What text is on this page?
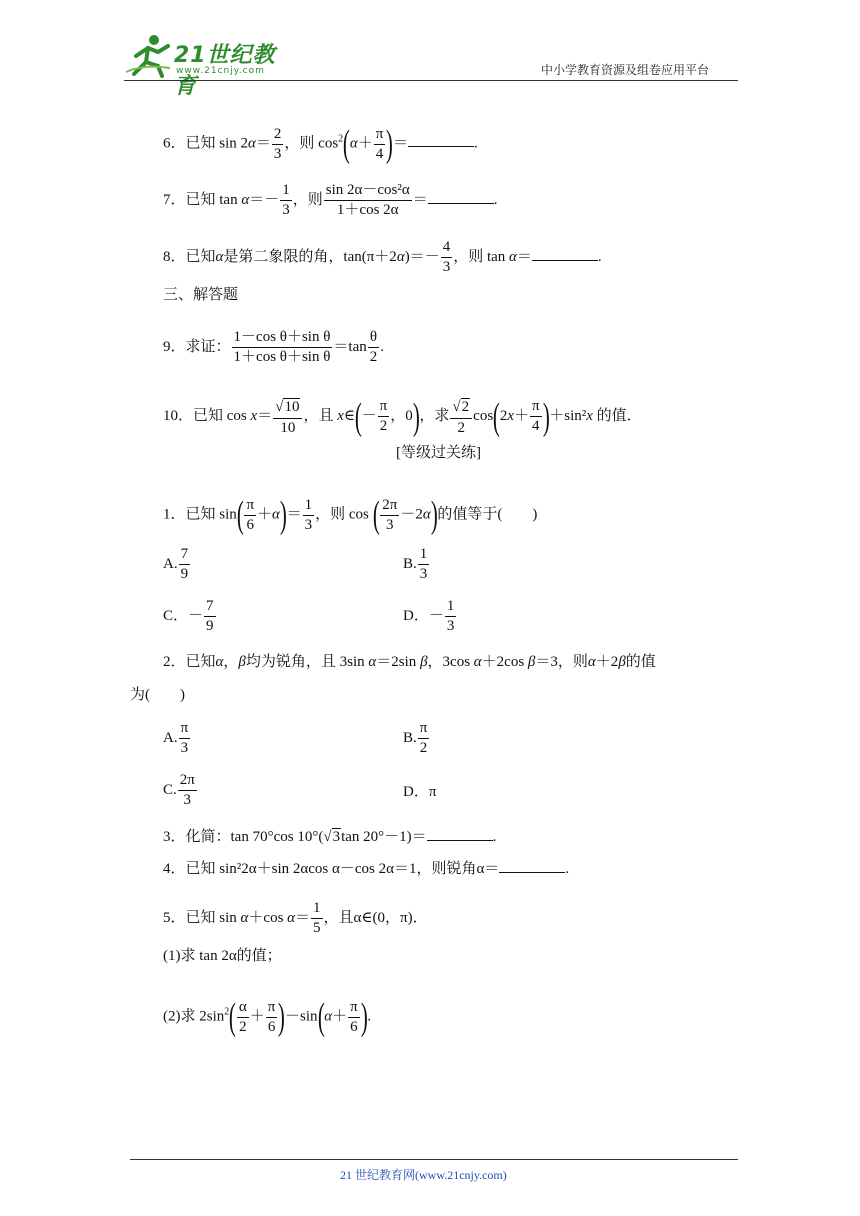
21世纪教育
www.21cnjy.com	中小学教育资源及组卷应用平台
6．已知 $\sin 2\alpha= \frac{2}{3}$ ，则 $\cos^2(\alpha+ \frac{\pi}{4}$ )＝	.
7．已知 $\tan \alpha=- \frac{1}{3}$ ，则 $\frac{\text{sin 2α－cos²α}}{1+\cos 2\alpha}$ ＝	.
8．已知α是第二象限的角，$\tan(\pi+2\alpha)=- \frac{4}{3}$ ，则 tan α＝	.
三、解答题
9．求证： $\frac{\text{1－cos θ＋sin θ}}{\text{1＋cos θ＋sin θ}} =\tan \frac{\theta}{2}$ .
10．已知 cos x＝ √ $\frac{10}{10}$ ，且 x∈(－ $\frac{\pi}{2}$ ，0)，求 √ $\frac{2}{2} \cos(2x+ \frac{\pi}{4} )+\sin^2x$ 的值．
[等级过关练]
1．已知 $\sin( \frac{\pi}{6} +\alpha)= \frac{1}{3}$ ，则 cos ( $\frac{2\pi}{3} -2\alpha$)的值等于(　　)
A. $\frac{7}{9}$	B. $\frac{1}{3}$
C．－ $\frac{7}{9}$	D．－ $\frac{1}{3}$
2．已知α，β均为锐角，且 3sin α＝2sin β，3cos α＋2cos β＝3，则α＋2β的值
为(　　)
A. $\frac{\pi}{3}$	B. $\frac{\pi}{2}$
C. $\frac{2\pi}{3}$	D．π
3．化简：tan 70°cos 10°( √ 3tan 20°－1)＝	.
4．已知 sin²2α＋sin 2αcos α－cos 2α＝1，则锐角α＝	.
5．已知 sin α＋cos $\alpha= \frac{1}{5}$ ，且α∈(0，π)．
(1)求 tan 2α的值；
(2)求 $2\sin^2( \frac{\alpha}{2} + \frac{\pi}{6} )-\sin(\alpha+ \frac{\pi}{6}$ ).
21 世纪教育网(www.21cnjy.com)
